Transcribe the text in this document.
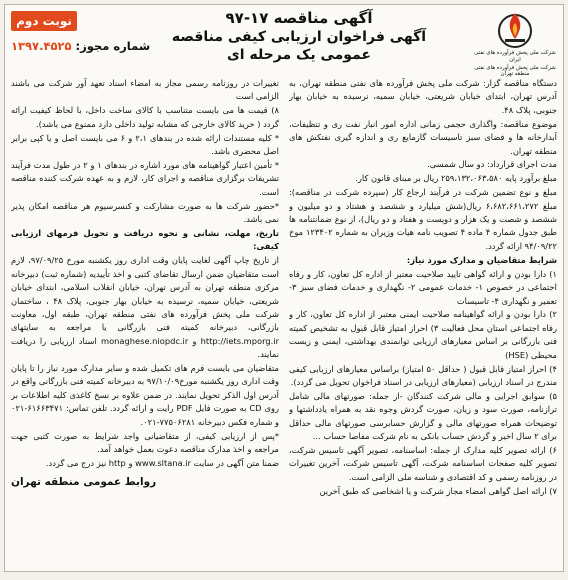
شرکت ملی پخش فرآورده های نفتی ایران
شرکت ملی پخش فرآورده های نفتی منطقه تهران
آگهی مناقصه ۱۷-۹۷
آگهی فراخوان ارزیابی کیفی مناقصه عمومی یک مرحله ای
نوبت دوم
شماره مجوز: ۱۳۹۷.۴۵۲۵

دستگاه مناقصه گزار: شرکت ملی پخش فرآورده های نفتی منطقه تهران، به آدرس تهران، ابتدای خیابان شریعتی، خیابان سمیه، نرسیده به خیابان بهار جنوبی، پلاک ۴۸.

موضوع مناقصه: واگذاری حجمی زمانی اداره امور انبار نفت ری و تنظیفات، آبدارخانه ها و فضای سبز تاسیسات گازمایع ری و اندازه گیری نفتکش های منطقه تهران.

مدت اجرای قرارداد: دو سال شمسی.

مبلغ برآورد پایه ۲۵۹،۱۳۲،۰۶۳،۵۸۰ ریال بر مبنای قانون کار.

مبلغ و نوع تضمین شرکت در فرآیند ارجاع کار (سپرده شرکت در مناقصه): مبلغ ۶،۶۸۲،۶۶۱،۲۷۲ ریال(شش میلیارد و ششصد و هشتاد و دو میلیون و ششصد و شصت و یک هزار و دویست و هفتاد و دو ریال)، از نوع ضمانتنامه ها طبق جدول شماره ۴ ماده ۴ تصویب نامه هیات وزیران به شماره ۱۲۳۴۰۲ موخ ۹۴/۰۹/۲۲ ارائه گردد.

شرایط متقاضیان و مدارک مورد نیاز:

۱) دارا بودن و ارائه گواهی تایید صلاحیت معتبر از اداره کل تعاون، کار و رفاه اجتماعی در خصوص ۱- خدمات عمومی ۲- نگهداری و خدمات فضای سبز ۳- تعمیر و نگهداری ۴- تاسیسات

۲) دارا بودن و ارائه گواهینامه صلاحیت ایمنی معتبر از اداره کل تعاون، کار و رفاه اجتماعی استان محل فعالیت ۳) احراز امتیاز قابل قبول به تشخیص کمیته فنی بازرگانی بر اساس معیارهای ارزیابی توانمندی بهداشتی، ایمنی و زیست محیطی (HSE)

۴) احراز امتیاز قابل قبول ( حداقل ۵۰ امتیاز) براساس معیارهای ارزیابی کیفی مندرج در اسناد ارزیابی (معیارهای ارزیابی در اسناد فراخوان تحویل می گردد).

۵) سوابق اجرایی و مالی شرکت کنندگان -از جمله: صورتهای مالی شامل ترازنامه، صورت سود و زیان، صورت گردش وجوه نقد به همراه یادداشتها و توضیحات همراه صورتهای مالی و گزارش حسابرسی صورتهای مالی حداقل برای ۲ سال اخیر و گردش حساب بانکی به نام شرکت مفاصا حساب ...

۶) ارائه تصویر کلیه مدارک از جمله: اساسنامه، تصویر آگهی تاسیس شرکت، تصویر کلیه صفحات اساسنامه شرکت، آگهی تاسیس شرکت، آخرین تغییرات در روزنامه رسمی و کد اقتصادی و شناسه ملی الزامی است.

۷) ارائه اصل گواهی امضاء مجاز شرکت و یا اشخاصی که طبق آخرین

تغییرات در روزنامه رسمی مجاز به امضاء اسناد تعهد آور شرکت می باشند الزامی است

۸) قیمت ها می بایست متناسب با کالای ساخت داخل، با لحاظ کیفیت ارائه گردد ( خرید کالای خارجی که مشابه تولید داخلی دارد ممنوع می باشد).

* کلیه مستندات ارائه شده در بندهای ۲،۱ و ۶ می بایست اصل و یا کپی برابر اصل محضری باشد.

* تأمین اعتبار گواهینامه های مورد اشاره در بندهای ۱ و ۲ در طول مدت فرآیند تشریفات برگزاری مناقصه و اجرای کار، لازم و به عهده شرکت کننده مناقصه است.

*حضور شرکت ها به صورت مشارکت و کنسرسیوم هر مناقصه امکان پذیر نمی باشد.

تاریخ، مهلت، نشانی و نحوه دریافت و تحویل فرمهای ارزیابی کیفی:

از تاریخ چاپ آگهی لغایت پایان وقت اداری روز یکشنبه مورخ ۹۷/۰۹/۲۵، لازم است متقاضیان ضمن ارسال تقاضای کتبی و اخذ تأییدیه (شماره ثبت) دبیرخانه مرکزی منطقه تهران به آدرس تهران، خیابان انقلاب اسلامی، ابتدای خیابان شریعتی، خیابان سمیه، نرسیده به خیابان بهار جنوبی، پلاک ۴۸ ، ساختمان شرکت ملی پخش فرآورده های نفتی منطقه تهران، طبقه اول، معاونت بازرگانی، دبیرخانه کمیته فنی بازرگانی یا مراجعه به سایتهای http://iets.mporg.ir و monaghese.niopdc.ir اسناد ارزیابی را دریافت نمایند.

متقاضیان می بایست فرم های تکمیل شده و سایر مدارک مورد نیاز را تا پایان وقت اداری روز یکشنبه مورخ۹۷/۱۰/۰۹ به دبیرخانه کمیته فنی بازرگانی واقع در آدرس اول الذکر تحویل نمایند. در ضمن علاوه بر نسخ کاغذی کلیه اطلاعات بر روی CD به صورت فایل PDF رایت و ارائه گردد. تلفن تماس: ۶۱۶۶۳۴۷۱-۰۲۱ و شماره فکس دبیرخانه ۷۷۵۰۶۲۸۱-۰۲۱.

*پس از ارزیابی کیفی، از متقاضیانی واجد شرایط به صورت کتبی جهت مراجعه و اخذ مدارک مناقصه دعوت بعمل خواهد آمد.

ضمنا متن آگهی در سایت www.sltana.ir و http نیز درج می گردد.

روابط عمومی منطقه تهران
